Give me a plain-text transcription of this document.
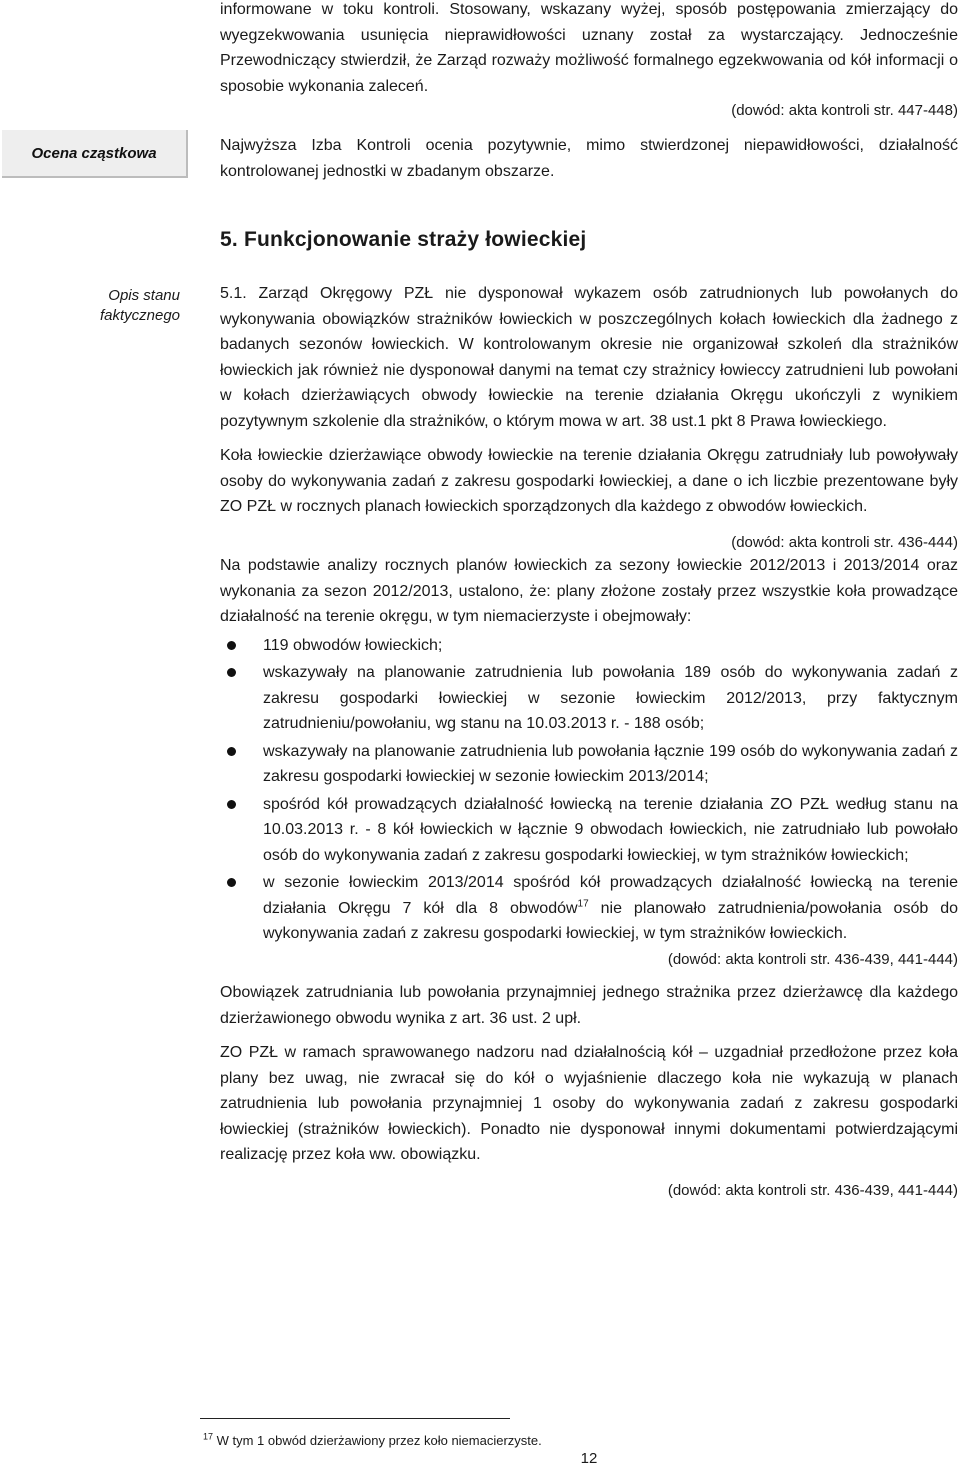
informowane w toku kontroli. Stosowany, wskazany wyżej, sposób postępowania zmierzający do wyegzekwowania usunięcia nieprawidłowości uznany został za wystarczający. Jednocześnie Przewodniczący stwierdził, że Zarząd rozważy możliwość formalnego egzekwowania od kół informacji o sposobie wykonania zaleceń.

(dowód: akta kontroli str. 447-448)

Ocena cząstkowa	Najwyższa Izba Kontroli ocenia pozytywnie, mimo stwierdzonej niepawidłowości, działalność kontrolowanej jednostki w zbadanym obszarze.

5. Funkcjonowanie straży łowieckiej
Opis stanu faktycznego

5.1. Zarząd Okręgowy PZŁ nie dysponował wykazem osób zatrudnionych lub powołanych do wykonywania obowiązków strażników łowieckich w poszczególnych kołach łowieckich dla żadnego z badanych sezonów łowieckich. W kontrolowanym okresie nie organizował szkoleń dla strażników łowieckich jak również nie dysponował danymi na temat czy strażnicy łowieccy zatrudnieni lub powołani w kołach dzierżawiących obwody łowieckie na terenie działania Okręgu ukończyli z wynikiem pozytywnym szkolenie dla strażników, o którym mowa w art. 38 ust.1 pkt 8 Prawa łowieckiego.

Koła łowieckie dzierżawiące obwody łowieckie na terenie działania Okręgu zatrudniały lub powoływały osoby do wykonywania zadań z zakresu gospodarki łowieckiej, a dane o ich liczbie prezentowane były ZO PZŁ w rocznych planach łowieckich sporządzonych dla każdego z obwodów łowieckich.

(dowód: akta kontroli str. 436-444)

Na podstawie analizy rocznych planów łowieckich za sezony łowieckie 2012/2013 i 2013/2014 oraz wykonania za sezon 2012/2013, ustalono, że: plany złożone zostały przez wszystkie koła prowadzące działalność na terenie okręgu, w tym niemacierzyste i obejmowały:

119 obwodów łowieckich;
wskazywały na planowanie zatrudnienia lub powołania 189 osób do wykonywania zadań z zakresu gospodarki łowieckiej w sezonie łowieckim 2012/2013, przy faktycznym zatrudnieniu/powołaniu, wg stanu na 10.03.2013 r. - 188 osób;
wskazywały na planowanie zatrudnienia lub powołania łącznie 199 osób do wykonywania zadań z zakresu gospodarki łowieckiej w sezonie łowieckim 2013/2014;
spośród kół prowadzących działalność łowiecką na terenie działania ZO PZŁ według stanu na 10.03.2013 r. - 8 kół łowieckich w łącznie 9 obwodach łowieckich, nie zatrudniało lub powołało osób do wykonywania zadań z zakresu gospodarki łowieckiej, w tym strażników łowieckich;
w sezonie łowieckim 2013/2014 spośród kół prowadzących działalność łowiecką na terenie działania Okręgu 7 kół dla 8 obwodów$^{17}$ nie planowało zatrudnienia/powołania osób do wykonywania zadań z zakresu gospodarki łowieckiej, w tym strażników łowieckich.

(dowód: akta kontroli str. 436-439, 441-444)

Obowiązek zatrudniania lub powołania przynajmniej jednego strażnika przez dzierżawcę dla każdego dzierżawionego obwodu wynika z art. 36 ust. 2 upł.

ZO PZŁ w ramach sprawowanego nadzoru nad działalnością kół – uzgadniał przedłożone przez koła plany bez uwag, nie zwracał się do kół o wyjaśnienie dlaczego koła nie wykazują w planach zatrudnienia lub powołania przynajmniej 1 osoby do wykonywania zadań z zakresu gospodarki łowieckiej (strażników łowieckich). Ponadto nie dysponował innymi dokumentami potwierdzającymi realizację przez koła ww. obowiązku.

(dowód: akta kontroli str. 436-439, 441-444)

$^{17}$ W tym 1 obwód dzierżawiony przez koło niemacierzyste.
12
